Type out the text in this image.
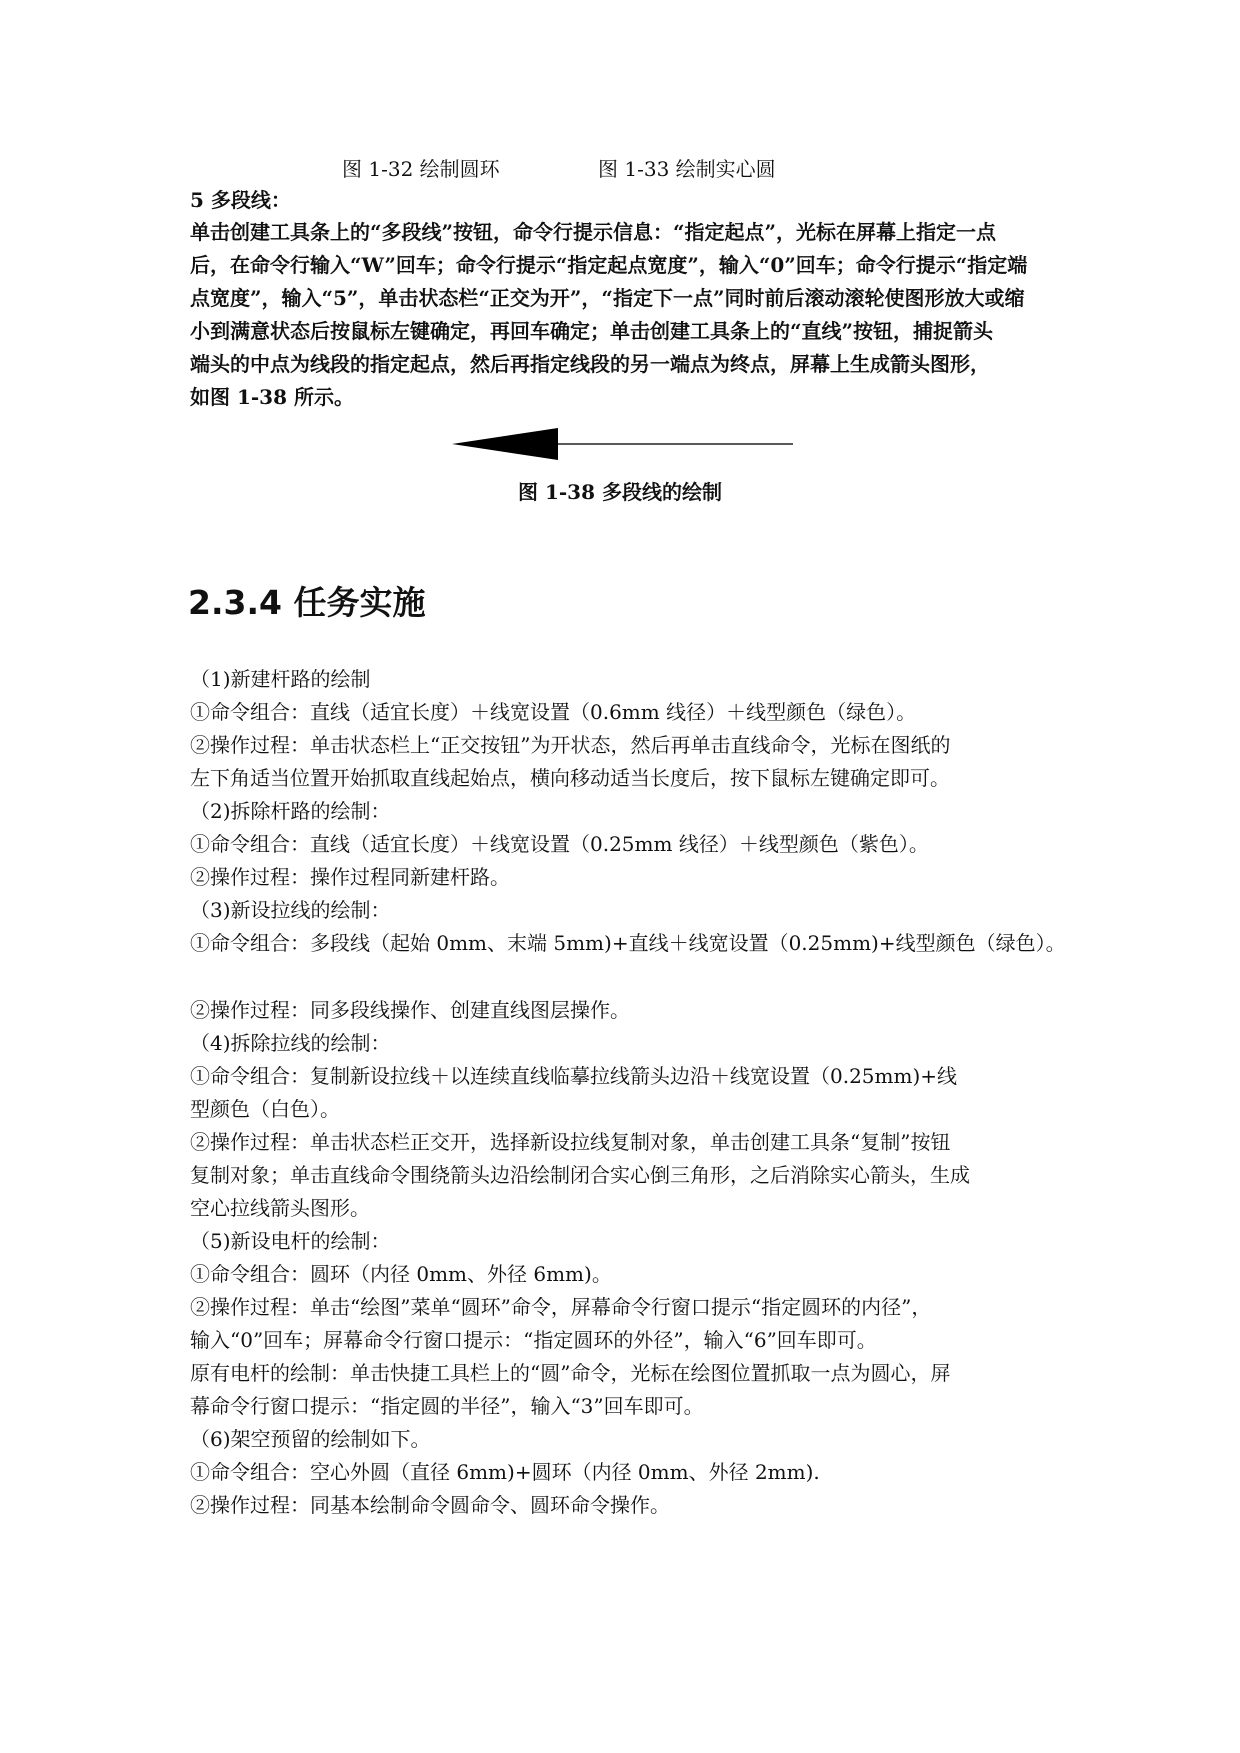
图 1-32 绘制圆环	图 1-33 绘制实心圆
5 多段线：
单击创建工具条上的“多段线”按钮，命令行提示信息：“指定起点”，光标在屏幕上指定一点
后，在命令行输入“W”回车；命令行提示“指定起点宽度”，输入“0”回车；命令行提示“指定端
点宽度”，输入“5”，单击状态栏“正交为开”，“指定下一点”同时前后滚动滚轮使图形放大或缩
小到满意状态后按鼠标左键确定，再回车确定；单击创建工具条上的“直线”按钮，捕捉箭头
端头的中点为线段的指定起点，然后再指定线段的另一端点为终点，屏幕上生成箭头图形，
如图 1-38 所示。
图 1-38 多段线的绘制
2.3.4 任务实施
（1)新建杆路的绘制
①命令组合：直线（适宜长度）＋线宽设置（0.6mm 线径）＋线型颜色（绿色）。
②操作过程：单击状态栏上“正交按钮”为开状态，然后再单击直线命令，光标在图纸的
左下角适当位置开始抓取直线起始点，横向移动适当长度后，按下鼠标左键确定即可。
（2)拆除杆路的绘制：
①命令组合：直线（适宜长度）＋线宽设置（0.25mm 线径）＋线型颜色（紫色）。
②操作过程：操作过程同新建杆路。
（3)新设拉线的绘制：
①命令组合：多段线（起始 0mm、末端 5mm)+直线＋线宽设置（0.25mm)+线型颜色（绿色）。
②操作过程：同多段线操作、创建直线图层操作。
（4)拆除拉线的绘制：
①命令组合：复制新设拉线＋以连续直线临摹拉线箭头边沿＋线宽设置（0.25mm)+线
型颜色（白色）。
②操作过程：单击状态栏正交开，选择新设拉线复制对象，单击创建工具条“复制”按钮
复制对象；单击直线命令围绕箭头边沿绘制闭合实心倒三角形，之后消除实心箭头，生成
空心拉线箭头图形。
（5)新设电杆的绘制：
①命令组合：圆环（内径 0mm、外径 6mm)。
②操作过程：单击“绘图”菜单“圆环”命令，屏幕命令行窗口提示“指定圆环的内径”，
输入“0”回车；屏幕命令行窗口提示：“指定圆环的外径”，输入“6”回车即可。
原有电杆的绘制：单击快捷工具栏上的“圆”命令，光标在绘图位置抓取一点为圆心，屏
幕命令行窗口提示：“指定圆的半径”，输入“3”回车即可。
（6)架空预留的绘制如下。
①命令组合：空心外圆（直径 6mm)+圆环（内径 0mm、外径 2mm).
②操作过程：同基本绘制命令圆命令、圆环命令操作。
